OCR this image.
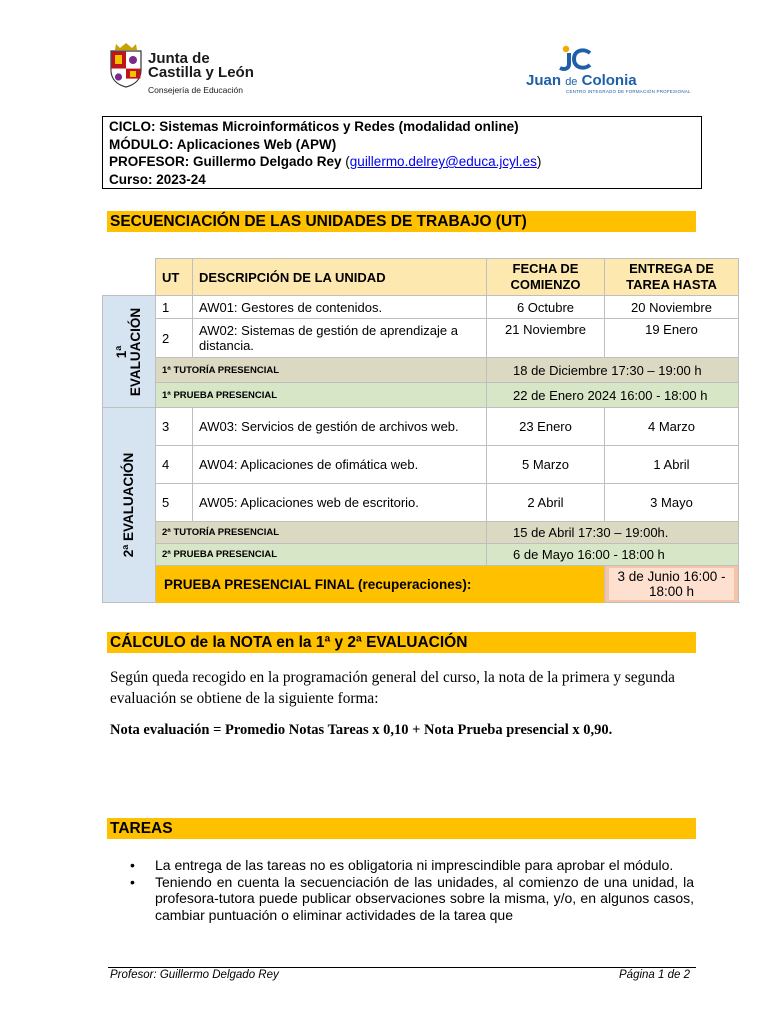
Junta de
Castilla y León
Consejería de Educación
Juan de Colonia
CENTRO INTEGRADO DE FORMACIÓN PROFESIONAL
CICLO: Sistemas Microinformáticos y Redes (modalidad online)
MÓDULO: Aplicaciones Web (APW)
PROFESOR: Guillermo Delgado Rey (guillermo.delrey@educa.jcyl.es)
Curso: 2023-24
SECUENCIACIÓN DE LAS UNIDADES DE TRABAJO (UT)
	UT	DESCRIPCIÓN DE LA UNIDAD	FECHA DE COMIENZO	ENTREGA DE TAREA HASTA

1ª EVALUACIÓN	1	AW01: Gestores de contenidos.	6 Octubre	20 Noviembre
	2	AW02: Sistemas de gestión de aprendizaje a distancia.	21 Noviembre	19 Enero
	1ª TUTORÍA PRESENCIAL		18 de Diciembre 17:30 – 19:00 h	
	1ª PRUEBA PRESENCIAL		22 de Enero 2024 16:00 - 18:00 h	

2ª EVALUACIÓN	3	AW03: Servicios de gestión de archivos web.	23 Enero	4 Marzo
	4	AW04: Aplicaciones de ofimática web.	5 Marzo	1 Abril
	5	AW05: Aplicaciones web de escritorio.	2 Abril	3 Mayo
	2ª TUTORÍA PRESENCIAL		15 de Abril 17:30 – 19:00h.	
	2ª PRUEBA PRESENCIAL		6 de Mayo 16:00 - 18:00 h	
	PRUEBA PRESENCIAL FINAL (recuperaciones):			3 de Junio 16:00 - 18:00 h
CÁLCULO de la NOTA en la 1ª y 2ª EVALUACIÓN
Según queda recogido en la programación general del curso, la nota de la primera y segunda evaluación se obtiene de la siguiente forma:
Nota evaluación = Promedio Notas Tareas x 0,10 + Nota Prueba presencial x 0,90.
TAREAS
• La entrega de las tareas no es obligatoria ni imprescindible para aprobar el módulo.
• Teniendo en cuenta la secuenciación de las unidades, al comienzo de una unidad, la profesora-tutora puede publicar observaciones sobre la misma, y/o, en algunos casos, cambiar puntuación o eliminar actividades de la tarea que
Profesor: Guillermo Delgado Rey	Página 1 de 2
